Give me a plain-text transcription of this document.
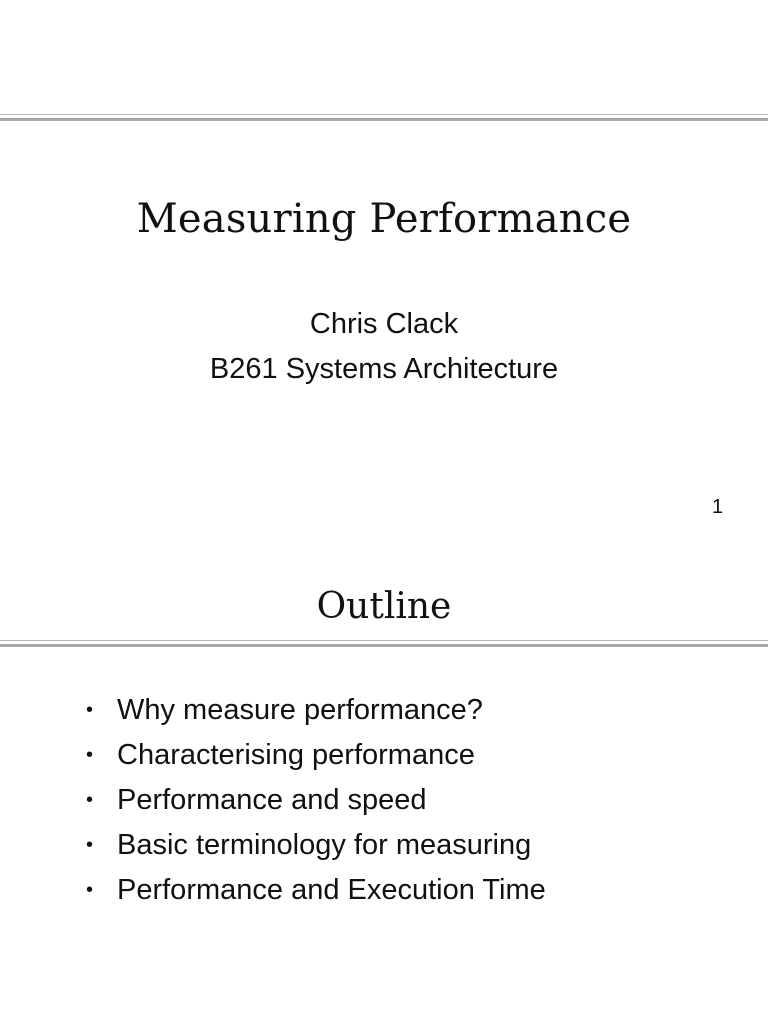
Measuring Performance
Chris Clack
B261 Systems Architecture
1
Outline
• Why measure performance?
• Characterising performance
• Performance and speed
• Basic terminology for measuring
• Performance and Execution Time
